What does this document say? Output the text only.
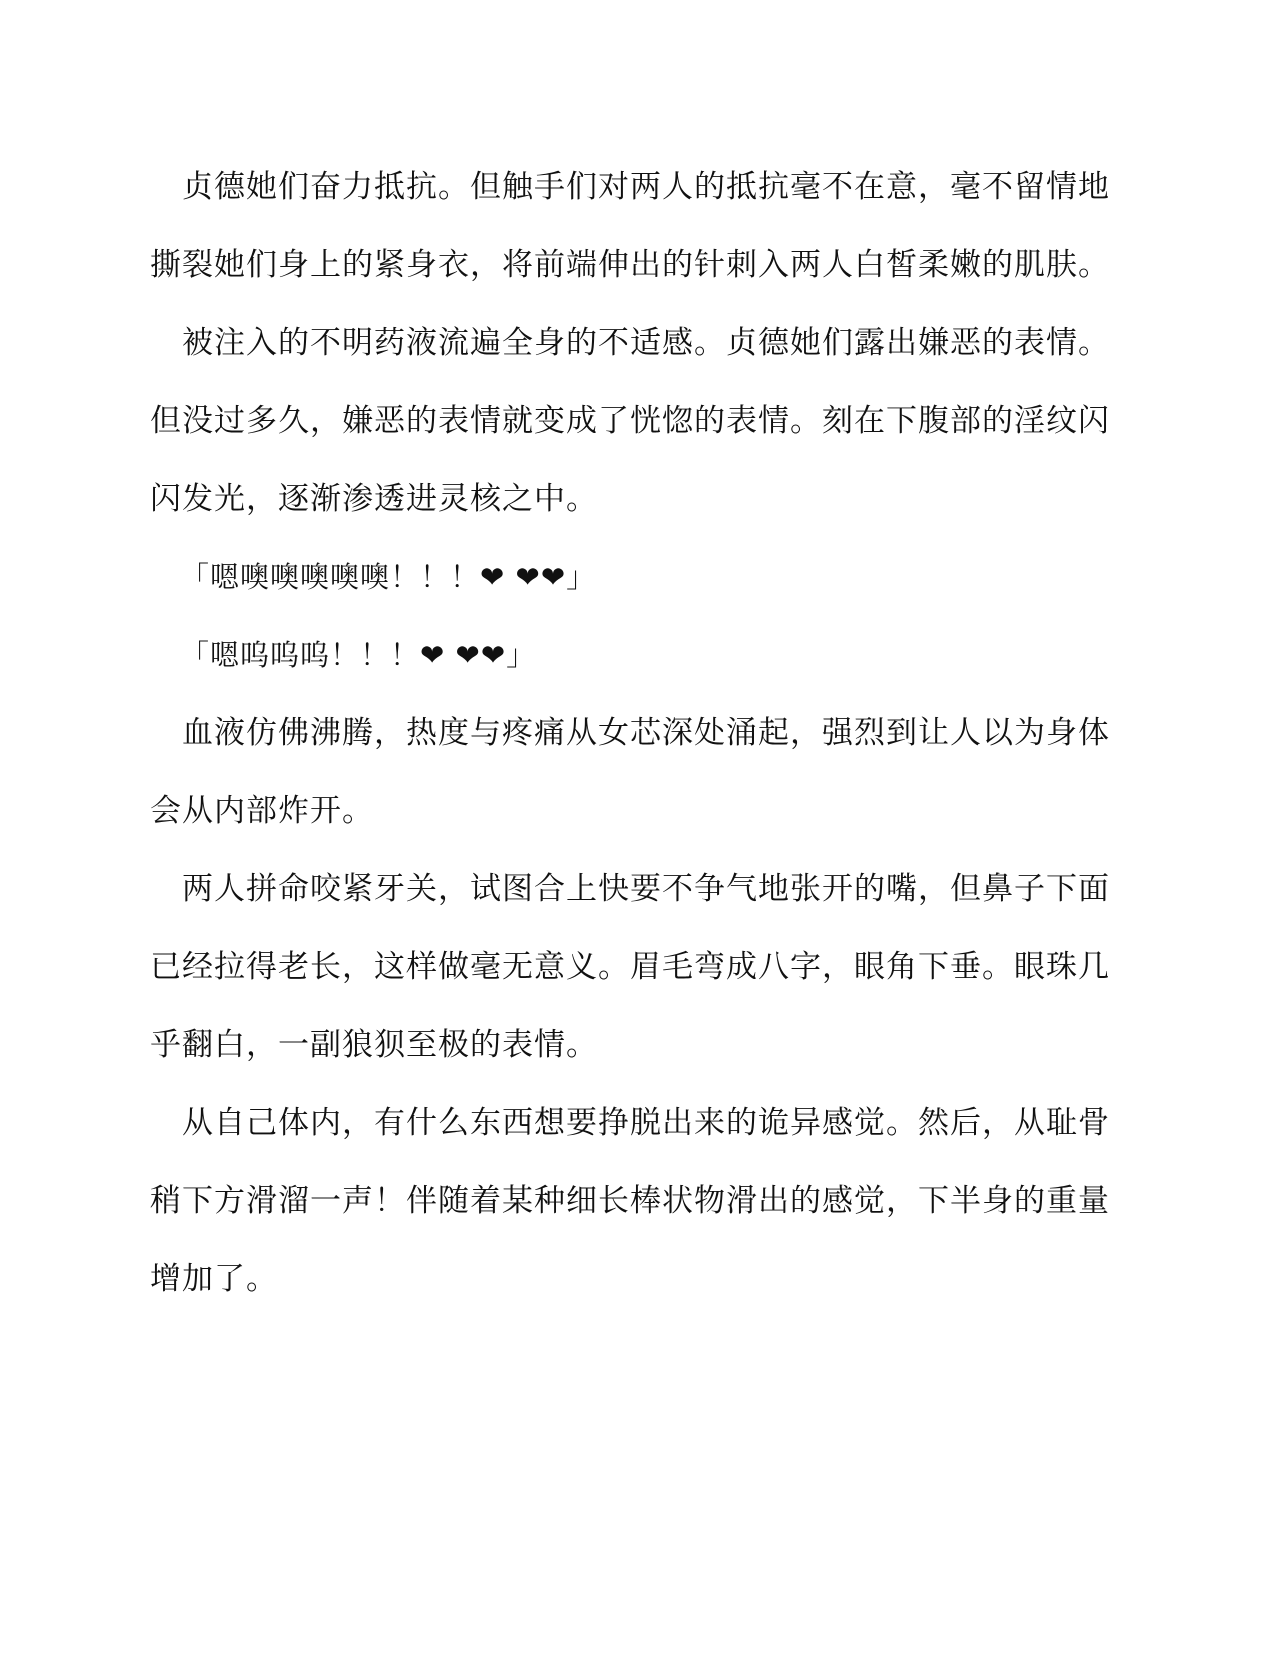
贞德她们奋力抵抗。但触手们对两人的抵抗毫不在意，毫不留情地撕裂她们身上的紧身衣，将前端伸出的针刺入两人白皙柔嫩的肌肤。

被注入的不明药液流遍全身的不适感。贞德她们露出嫌恶的表情。但没过多久，嫌恶的表情就变成了恍惚的表情。刻在下腹部的淫纹闪闪发光，逐渐渗透进灵核之中。

「嗯噢噢噢噢噢！！！❤ ❤❤」

「嗯呜呜呜！！！❤ ❤❤」

血液仿佛沸腾，热度与疼痛从女芯深处涌起，强烈到让人以为身体会从内部炸开。

两人拼命咬紧牙关，试图合上快要不争气地张开的嘴，但鼻子下面已经拉得老长，这样做毫无意义。眉毛弯成八字，眼角下垂。眼珠几乎翻白，一副狼狈至极的表情。

从自己体内，有什么东西想要挣脱出来的诡异感觉。然后，从耻骨稍下方滑溜一声！伴随着某种细长棒状物滑出的感觉，下半身的重量增加了。
